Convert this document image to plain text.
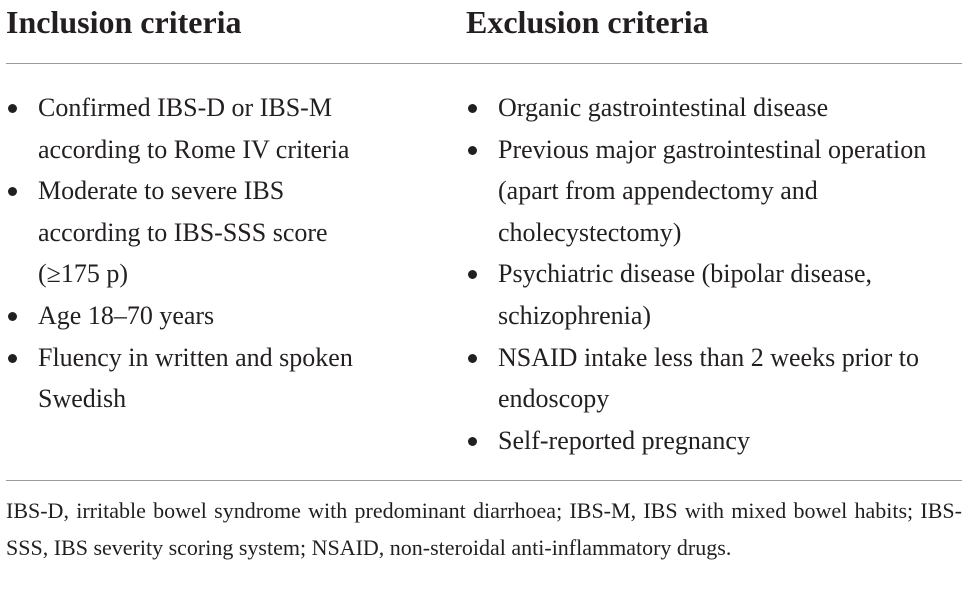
Inclusion criteria
Confirmed IBS-D or IBS-M according to Rome IV criteria
Moderate to severe IBS according to IBS-SSS score (≥175 p)
Age 18–70 years
Fluency in written and spoken Swedish
Exclusion criteria
Organic gastrointestinal disease
Previous major gastrointestinal operation (apart from appendectomy and cholecystectomy)
Psychiatric disease (bipolar disease, schizophrenia)
NSAID intake less than 2 weeks prior to endoscopy
Self-reported pregnancy

IBS-D, irritable bowel syndrome with predominant diarrhoea; IBS-M, IBS with mixed bowel habits; IBS-SSS, IBS severity scoring system; NSAID, non-steroidal anti-inflammatory drugs.
